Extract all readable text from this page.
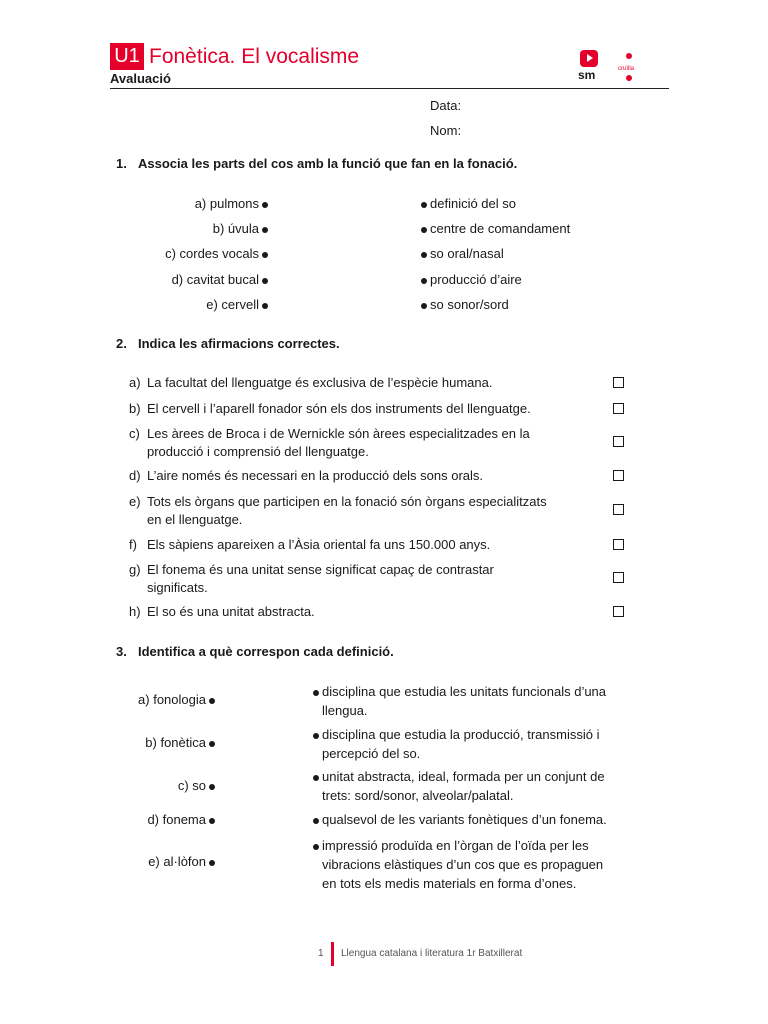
U1 Fonètica. El vocalisme
Avaluació	sm	cruïlla
Data:
Nom:
1. Associa les parts del cos amb la funció que fan en la fonació.
a) pulmons
b) úvula
c) cordes vocals
d) cavitat bucal
e) cervell
definició del so
centre de comandament
so oral/nasal
producció d’aire
so sonor/sord
2. Indica les afirmacions correctes.
a) La facultat del llenguatge és exclusiva de l’espècie humana.
b) El cervell i l’aparell fonador són els dos instruments del llenguatge.
c) Les àrees de Broca i de Wernickle són àrees especialitzades en la
producció i comprensió del llenguatge.
d) L’aire només és necessari en la producció dels sons orals.
e) Tots els òrgans que participen en la fonació són òrgans especialitzats
en el llenguatge.
f) Els sàpiens apareixen a l’Àsia oriental fa uns 150.000 anys.
g) El fonema és una unitat sense significat capaç de contrastar
significats.
h) El so és una unitat abstracta.
3. Identifica a què correspon cada definició.
a) fonologia
b) fonètica
c) so
d) fonema
e) al·lòfon
disciplina que estudia les unitats funcionals d’una
llengua.
disciplina que estudia la producció, transmissió i
percepció del so.
unitat abstracta, ideal, formada per un conjunt de
trets: sord/sonor, alveolar/palatal.
qualsevol de les variants fonètiques d’un fonema.
impressió produïda en l’òrgan de l’oïda per les
vibracions elàstiques d’un cos que es propaguen
en tots els medis materials en forma d’ones.
1 Llengua catalana i literatura 1r Batxillerat
